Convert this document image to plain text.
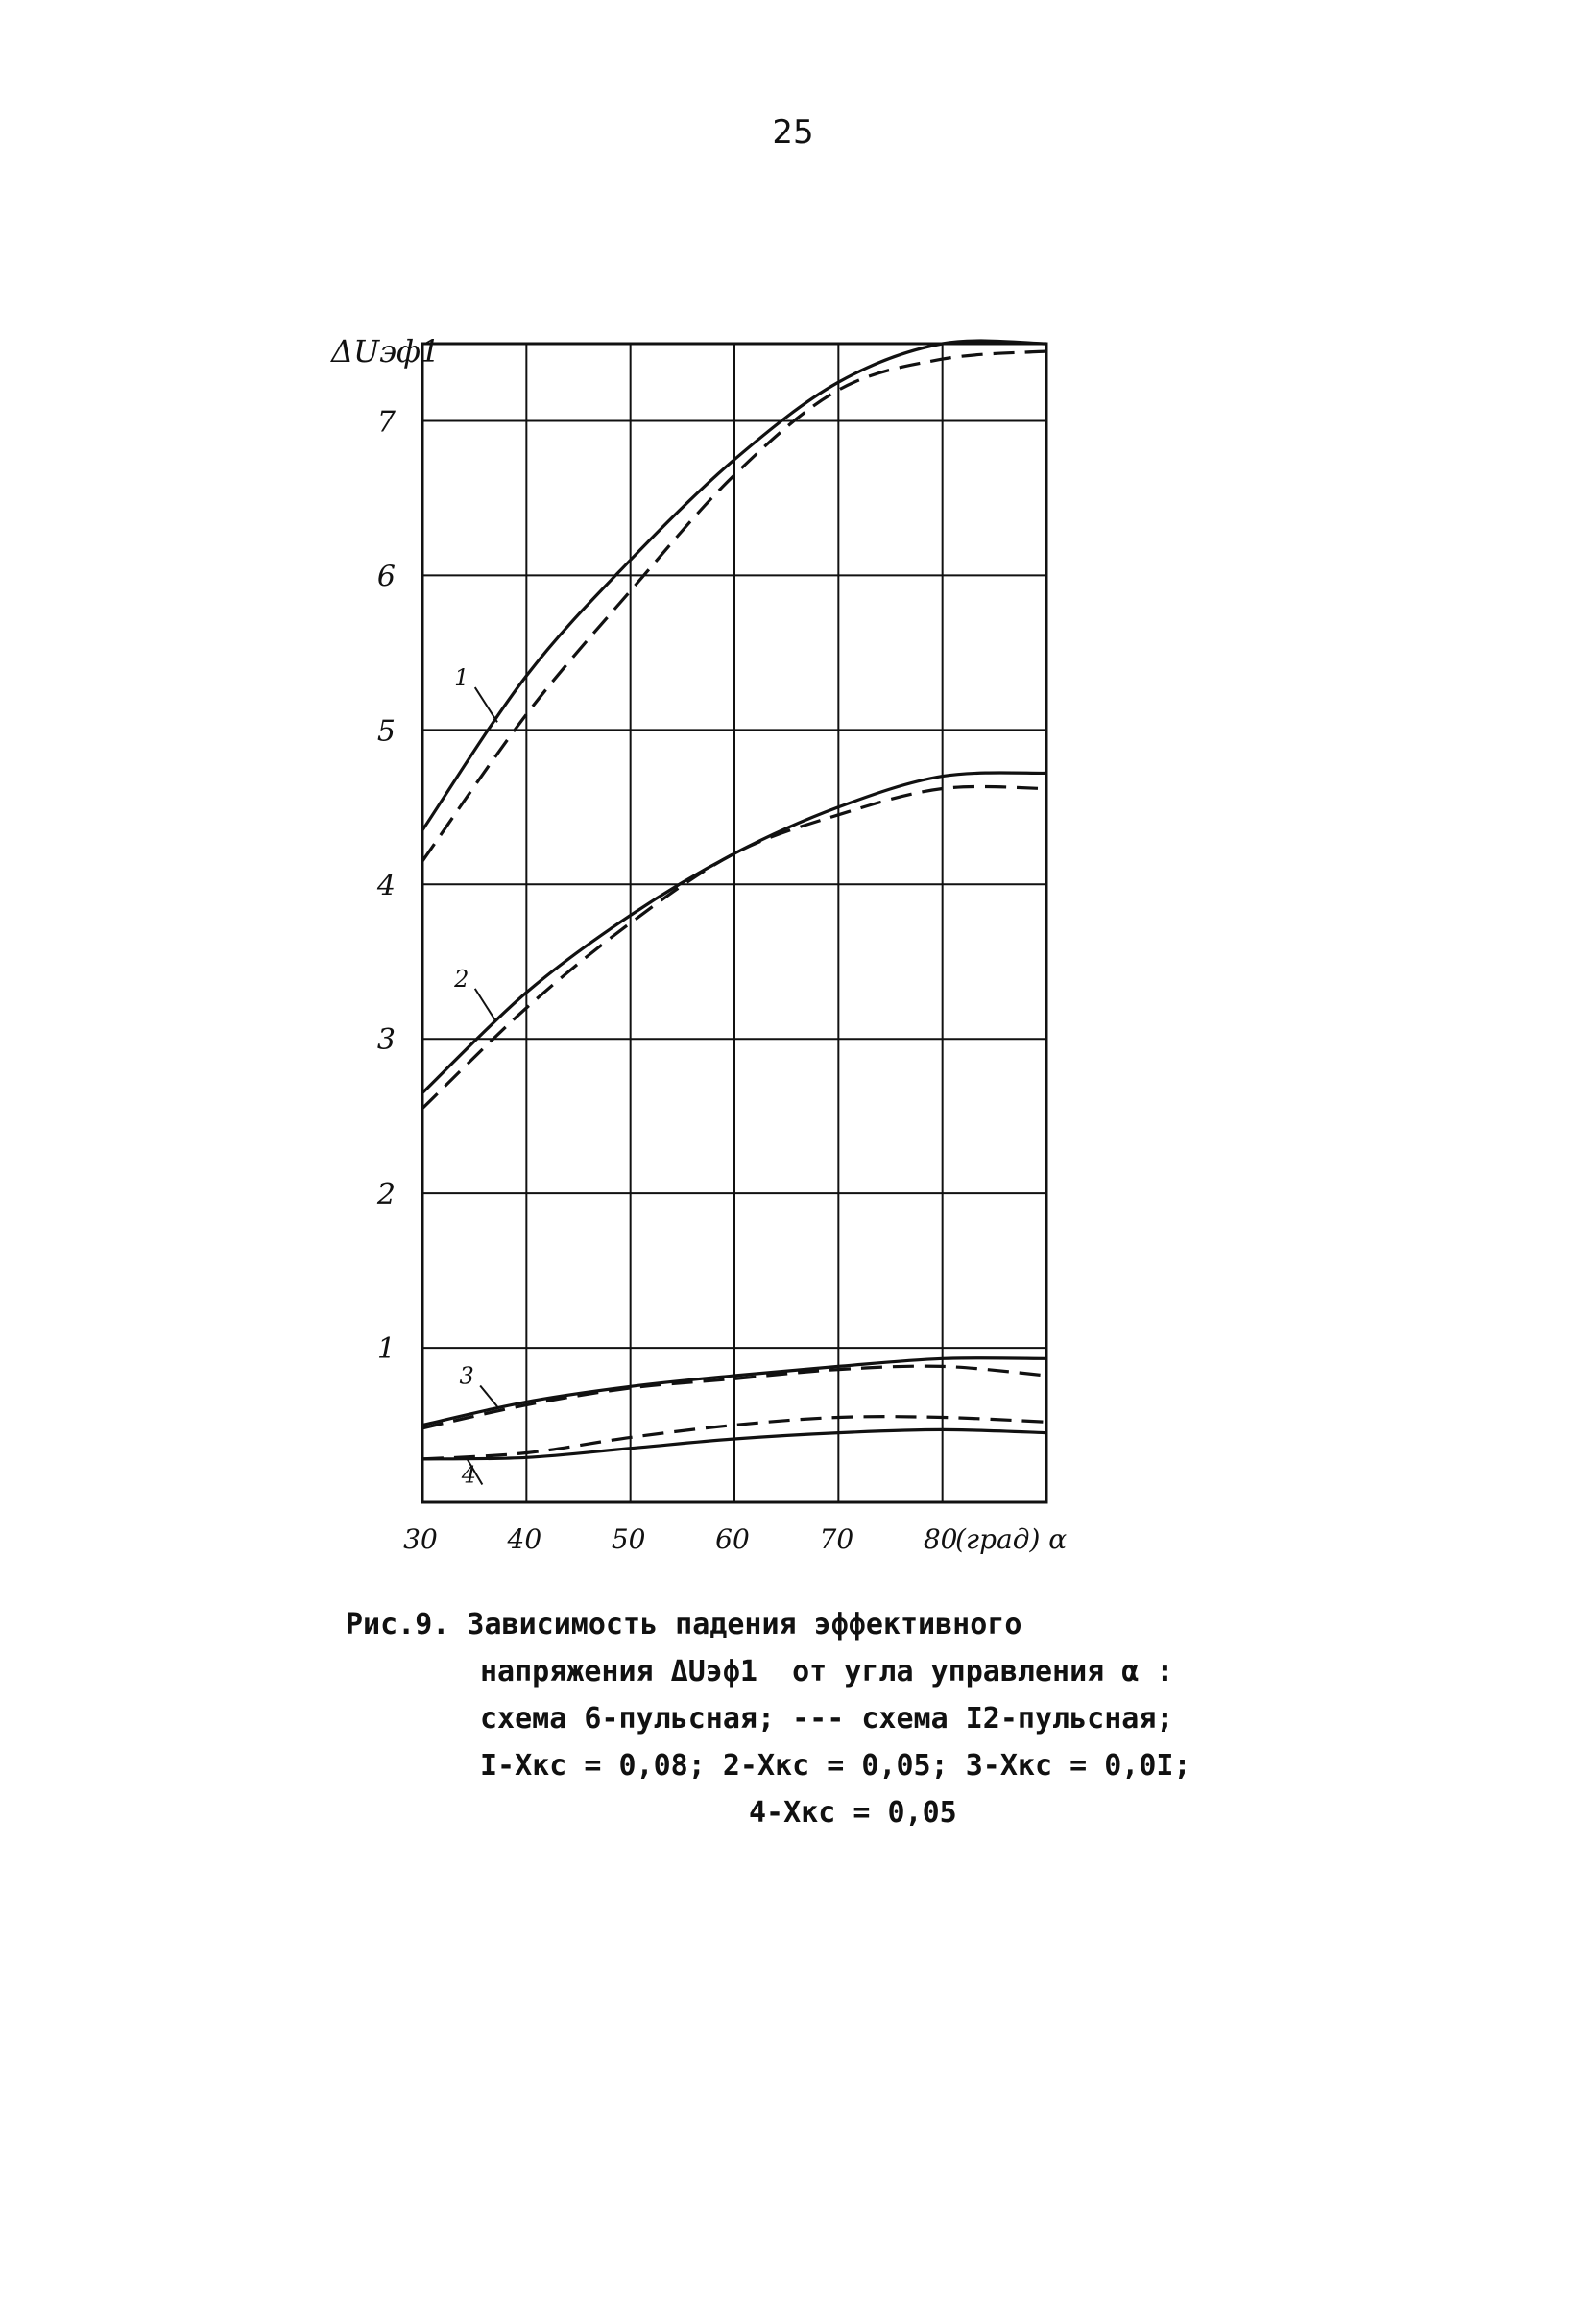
25
1
2
3
4
5
6
7
30	40	50	60	70	80
1
2
3
4
ΔUэф1
(град) α
Рис.9. Зависимость падения эффективного
напряжения ΔUэф1  от угла управления α :
схема 6-пульсная; --- схема I2-пульсная;
I-Xкс = 0,08; 2-Xкс = 0,05; 3-Xкс = 0,0I;
4-Xкс = 0,05
